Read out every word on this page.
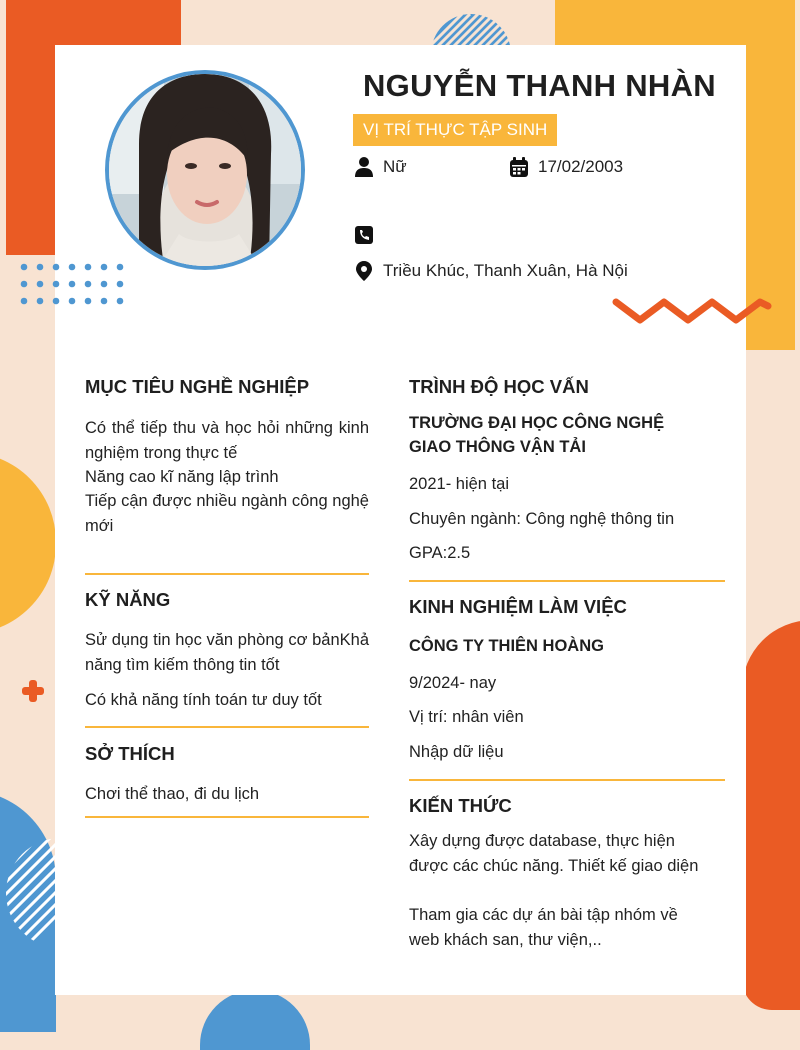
NGUYỄN THANH NHÀN
VỊ TRÍ THỰC TẬP SINH
Nữ	17/02/2003
Triều Khúc, Thanh Xuân, Hà Nội
MỤC TIÊU NGHỀ NGHIỆP
Có thể tiếp thu và học hỏi những kinh nghiệm trong thực tế
Năng cao kĩ năng lập trình
Tiếp cận được nhiều ngành công nghệ mới
KỸ NĂNG
Sử dụng tin học văn phòng cơ bảnKhả năng tìm kiếm thông tin tốt
Có khả năng tính toán tư duy tốt
SỞ THÍCH
Chơi thể thao, đi du lịch
TRÌNH ĐỘ HỌC VẤN
TRƯỜNG ĐẠI HỌC CÔNG NGHỆ GIAO THÔNG VẬN TẢI
2021- hiện tại
Chuyên ngành: Công nghệ thông tin
GPA:2.5
KINH NGHIỆM LÀM VIỆC
CÔNG TY THIÊN HOÀNG
9/2024- nay
Vị trí: nhân viên
Nhập dữ liệu
KIẾN THỨC
Xây dựng được database, thực hiện được các chúc năng. Thiết kế giao diện
Tham gia các dự án bài tập nhóm về web khách san, thư viện,..
